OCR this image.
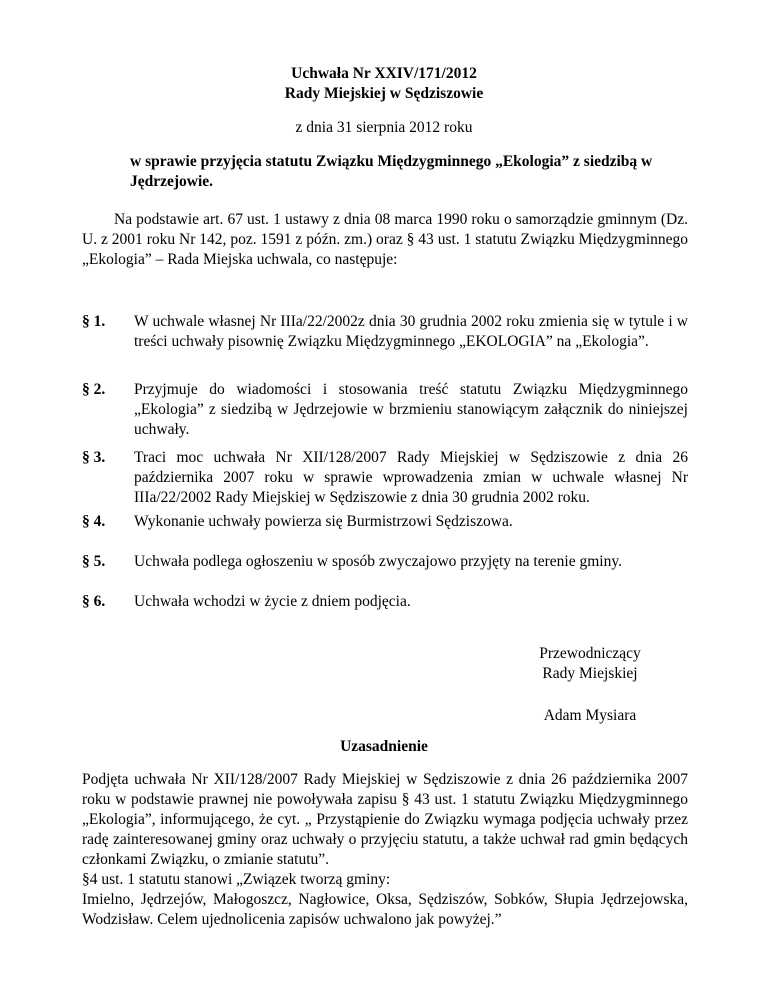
Uchwała Nr XXIV/171/2012
Rady Miejskiej w Sędziszowie
z dnia 31 sierpnia 2012 roku
w sprawie przyjęcia statutu Związku Międzygminnego „Ekologia” z siedzibą w Jędrzejowie.
Na podstawie art. 67 ust. 1 ustawy z dnia 08 marca 1990 roku o samorządzie gminnym (Dz. U. z 2001 roku Nr 142, poz. 1591 z późn. zm.) oraz § 43 ust. 1 statutu Związku Międzygminnego „Ekologia” – Rada Miejska uchwala, co następuje:
§ 1. W uchwale własnej Nr IIIa/22/2002z dnia 30 grudnia 2002 roku zmienia się w tytule i w treści uchwały pisownię Związku Międzygminnego „EKOLOGIA” na „Ekologia”.
§ 2. Przyjmuje do wiadomości i stosowania treść statutu Związku Międzygminnego „Ekologia” z siedzibą w Jędrzejowie w brzmieniu stanowiącym załącznik do niniejszej uchwały.
§ 3. Traci moc uchwała Nr XII/128/2007 Rady Miejskiej w Sędziszowie z dnia 26 października 2007 roku w sprawie wprowadzenia zmian w uchwale własnej Nr IIIa/22/2002 Rady Miejskiej w Sędziszowie z dnia 30 grudnia 2002 roku.
§ 4. Wykonanie uchwały powierza się Burmistrzowi Sędziszowa.
§ 5. Uchwała podlega ogłoszeniu w sposób zwyczajowo przyjęty na terenie gminy.
§ 6. Uchwała wchodzi w życie z dniem podjęcia.
Przewodniczący
Rady Miejskiej
Adam Mysiara
Uzasadnienie
Podjęta uchwała Nr XII/128/2007 Rady Miejskiej w Sędziszowie z dnia 26 października 2007 roku w podstawie prawnej nie powoływała zapisu § 43 ust. 1 statutu Związku Międzygminnego „Ekologia”, informującego, że cyt. „ Przystąpienie do Związku wymaga podjęcia uchwały przez radę zainteresowanej gminy oraz uchwały o przyjęciu statutu, a także uchwał rad gmin będących członkami Związku, o zmianie statutu”.
§4 ust. 1 statutu stanowi „Związek tworzą gminy:
Imielno, Jędrzejów, Małogoszcz, Nagłowice, Oksa, Sędziszów, Sobków, Słupia Jędrzejowska, Wodzisław. Celem ujednolicenia zapisów uchwalono jak powyżej.”
